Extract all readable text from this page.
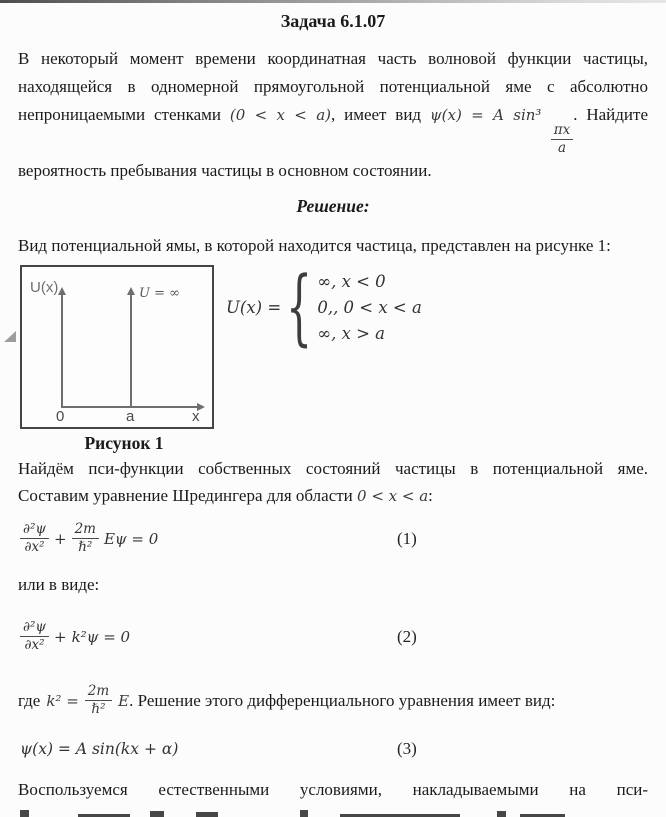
Задача 6.1.07
В некоторый момент времени координатная часть волновой функции частицы, находящейся в одномерной прямоугольной потенциальной яме с абсолютно непроницаемыми стенками (0 < x < a), имеет вид ψ(x) = A sin³
$\frac{\pi x}{a}$
. Найдите вероятность пребывания частицы в основном состоянии.
Решение:
Вид потенциальной ямы, в которой находится частица, представлен на рисунке 1:
U(x)	U = ∞
0	a	x
Рисунок 1
U(x) = { ∞, x < 0
0,, 0 < x < a
∞, x > a
Найдём пси-функции собственных состояний частицы в потенциальной яме. Составим уравнение Шредингера для области 0 < x < a:
$\frac{\text{∂²ψ}}{\text{∂x²}}$ +
2m
ℏ² Eψ = 0	(1)
или в виде:
$\frac{\text{∂²ψ}}{\text{∂x²}} + k^2\psi = 0$	(2)
где k² =
2m
ℏ² E . Решение этого дифференциального уравнения имеет вид:
ψ(x) = A sin(kx + α)	(3)
Воспользуемся естественными условиями, накладываемыми на пси-
